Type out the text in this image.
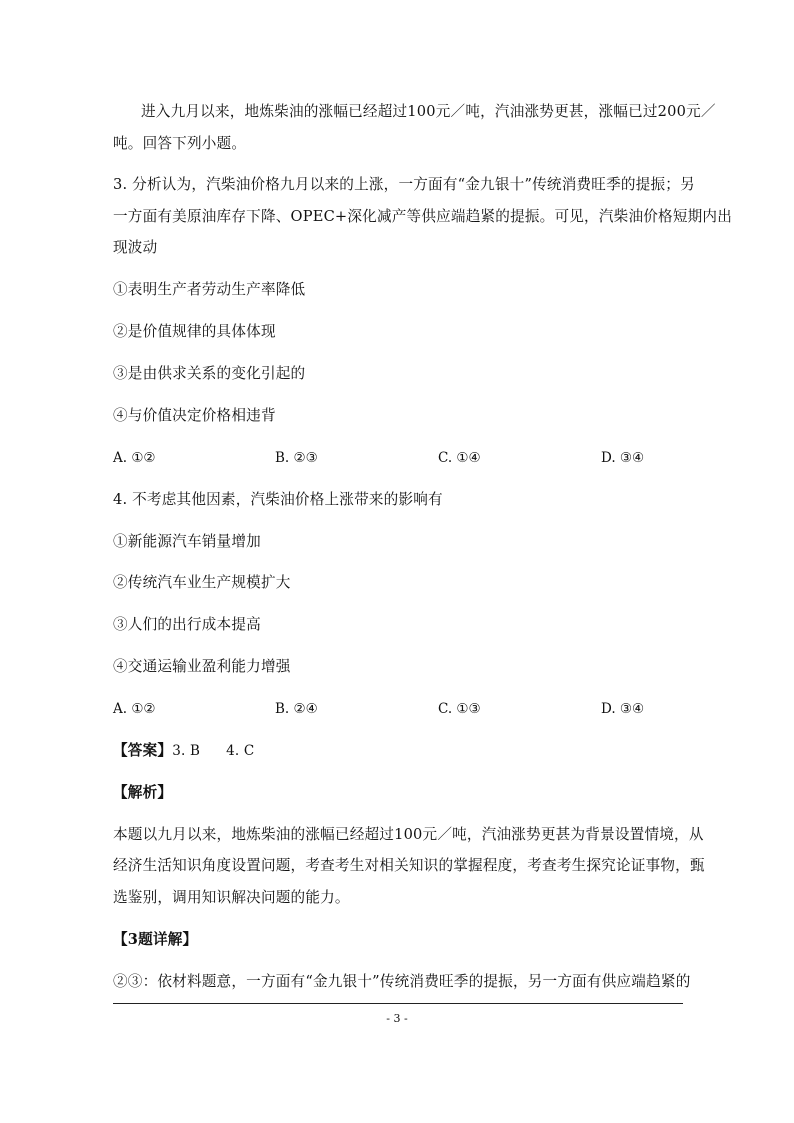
进入九月以来，地炼柴油的涨幅已经超过100元／吨，汽油涨势更甚，涨幅已过200元／
吨。回答下列小题。
3. 分析认为，汽柴油价格九月以来的上涨，一方面有“金九银十”传统消费旺季的提振；另
一方面有美原油库存下降、OPEC+深化减产等供应端趋紧的提振。可见，汽柴油价格短期内出
现波动
①表明生产者劳动生产率降低
②是价值规律的具体体现
③是由供求关系的变化引起的
④与价值决定价格相违背
A. ①②	B. ②③	C. ①④	D. ③④
4. 不考虑其他因素，汽柴油价格上涨带来的影响有
①新能源汽车销量增加
②传统汽车业生产规模扩大
③人们的出行成本提高
④交通运输业盈利能力增强
A. ①②	B. ②④	C. ①③	D. ③④
【答案】3. B 4. C
【解析】
本题以九月以来，地炼柴油的涨幅已经超过100元／吨，汽油涨势更甚为背景设置情境，从
经济生活知识角度设置问题，考查考生对相关知识的掌握程度，考查考生探究论证事物，甄
选鉴别，调用知识解决问题的能力。
【3题详解】
②③：依材料题意，一方面有“金九银十”传统消费旺季的提振，另一方面有供应端趋紧的
- 3 -
